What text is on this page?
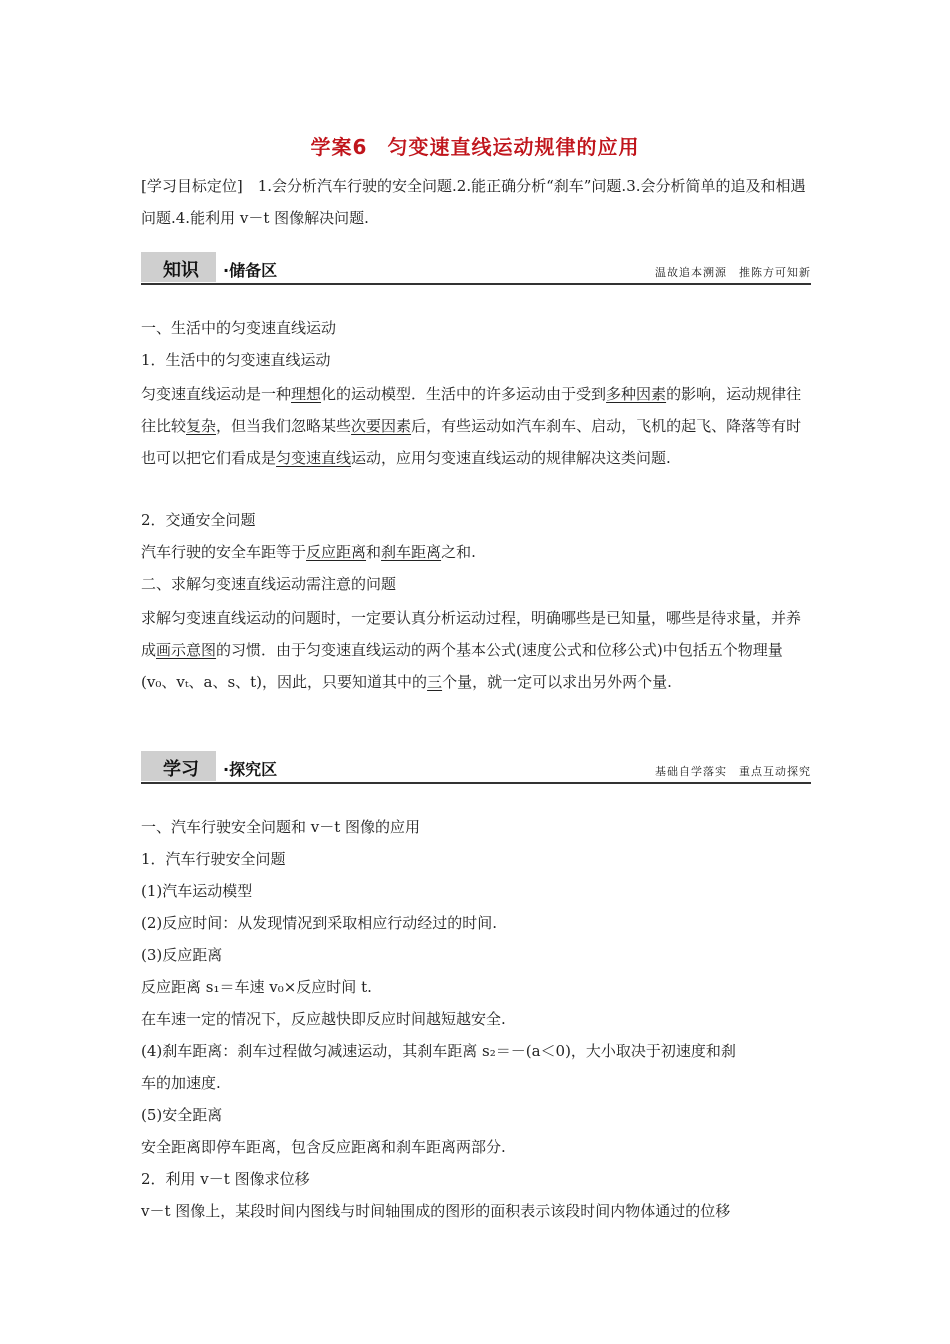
学案6 匀变速直线运动规律的应用
[学习目标定位]　1.会分析汽车行驶的安全问题.2.能正确分析“刹车”问题.3.会分析简单的追及和相遇问题.4.能利用 v－t 图像解决问题.
知识 ·储备区	温故追本溯源　推陈方可知新
一、生活中的匀变速直线运动
1．生活中的匀变速直线运动
匀变速直线运动是一种理想化的运动模型．生活中的许多运动由于受到多种因素的影响，运动规律往往比较复杂，但当我们忽略某些次要因素后，有些运动如汽车刹车、启动，飞机的起飞、降落等有时也可以把它们看成是匀变速直线运动，应用匀变速直线运动的规律解决这类问题.
2．交通安全问题
汽车行驶的安全车距等于反应距离和刹车距离之和.
二、求解匀变速直线运动需注意的问题
求解匀变速直线运动的问题时，一定要认真分析运动过程，明确哪些是已知量，哪些是待求量，并养成画示意图的习惯．由于匀变速直线运动的两个基本公式(速度公式和位移公式)中包括五个物理量(v₀、vₜ、a、s、t)，因此，只要知道其中的三个量，就一定可以求出另外两个量.
学习 ·探究区	基础自学落实　重点互动探究
一、汽车行驶安全问题和 v－t 图像的应用
1．汽车行驶安全问题
(1)汽车运动模型
(2)反应时间：从发现情况到采取相应行动经过的时间.
(3)反应距离
反应距离 s₁＝车速 v₀×反应时间 t.
在车速一定的情况下，反应越快即反应时间越短越安全.
(4)刹车距离：刹车过程做匀减速运动，其刹车距离 s₂＝－(a＜0)，大小取决于初速度和刹
车的加速度.
(5)安全距离
安全距离即停车距离，包含反应距离和刹车距离两部分.
2．利用 v－t 图像求位移
v－t 图像上，某段时间内图线与时间轴围成的图形的面积表示该段时间内物体通过的位移
